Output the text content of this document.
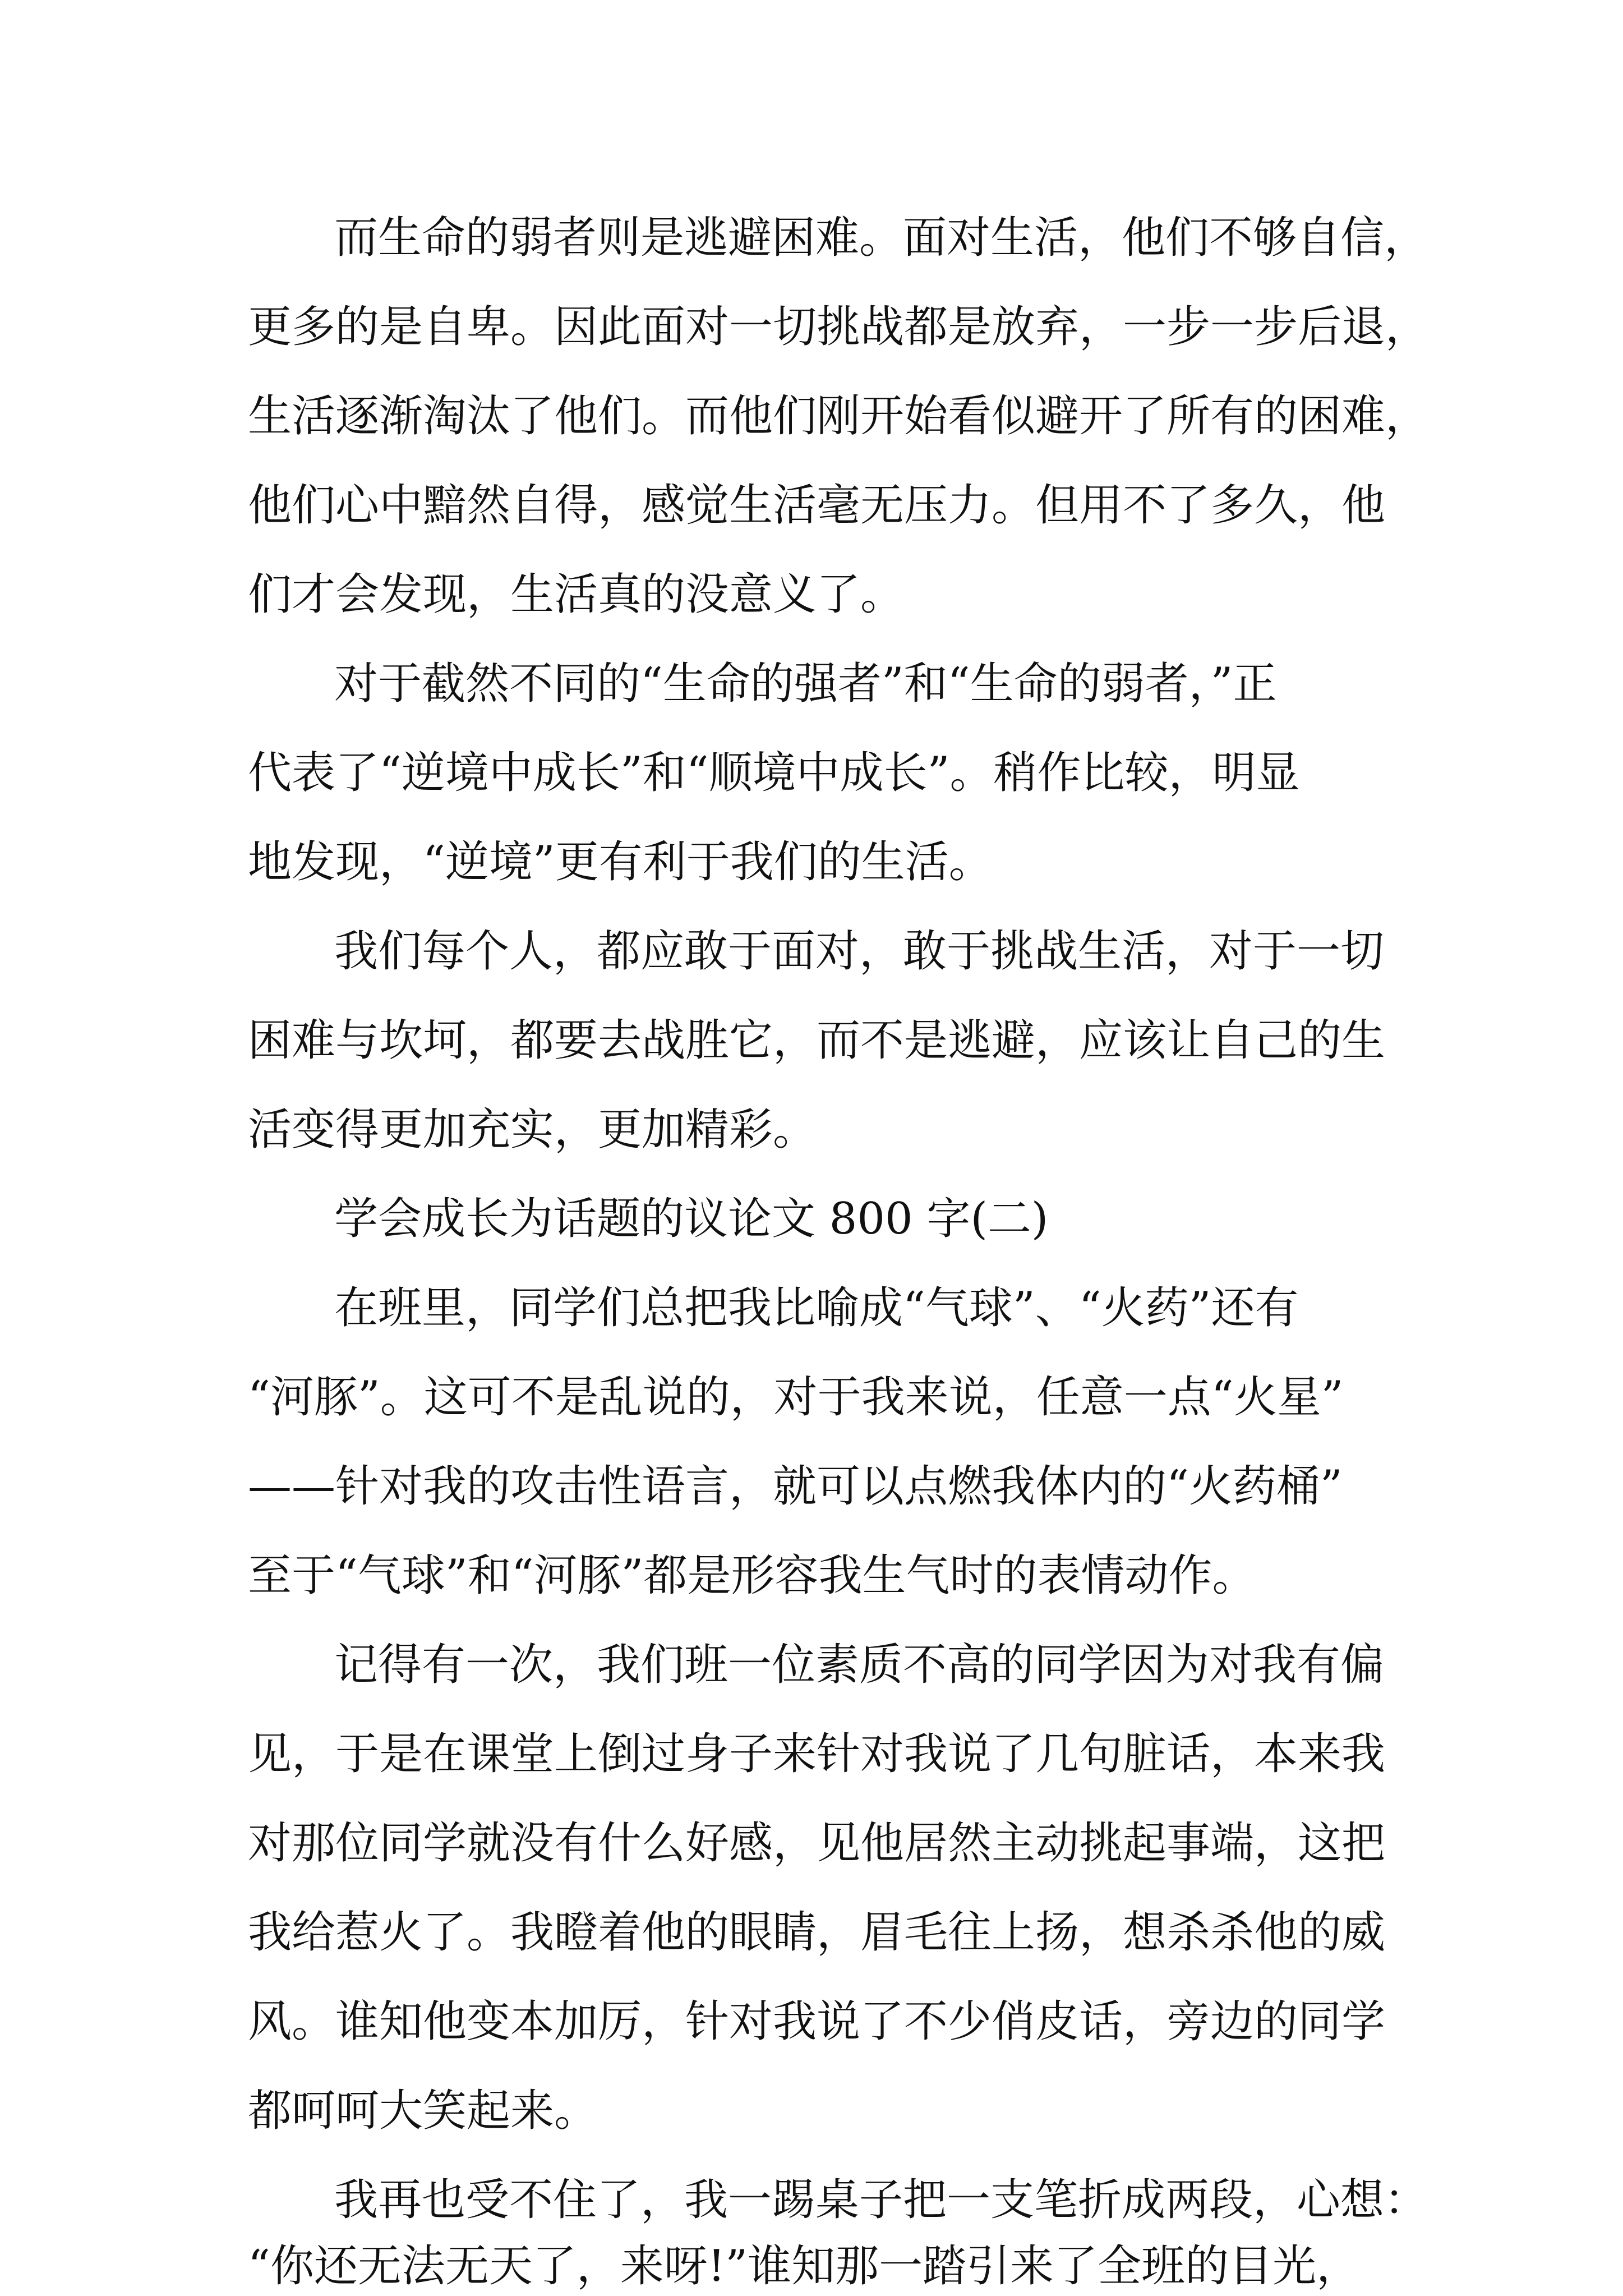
而生命的弱者则是逃避困难。面对生活，他们不够自信，
更多的是自卑。因此面对一切挑战都是放弃，一步一步后退，
生活逐渐淘汰了他们。而他们刚开始看似避开了所有的困难，
他们心中黯然自得，感觉生活毫无压力。但用不了多久，他
们才会发现，生活真的没意义了。
对于截然不同的“生命的强者”和“生命的弱者，”正
代表了“逆境中成长”和“顺境中成长”。稍作比较，明显
地发现，“逆境”更有利于我们的生活。
我们每个人，都应敢于面对，敢于挑战生活，对于一切
困难与坎坷，都要去战胜它，而不是逃避，应该让自己的生
活变得更加充实，更加精彩。
学会成长为话题的议论文 800 字(二)
在班里，同学们总把我比喻成“气球”、“火药”还有
“河豚”。这可不是乱说的，对于我来说，任意一点“火星”
——针对我的攻击性语言，就可以点燃我体内的“火药桶”
至于“气球”和“河豚”都是形容我生气时的表情动作。
记得有一次，我们班一位素质不高的同学因为对我有偏
见，于是在课堂上倒过身子来针对我说了几句脏话，本来我
对那位同学就没有什么好感，见他居然主动挑起事端，这把
我给惹火了。我瞪着他的眼睛，眉毛往上扬，想杀杀他的威
风。谁知他变本加厉，针对我说了不少俏皮话，旁边的同学
都呵呵大笑起来。
我再也受不住了，我一踢桌子把一支笔折成两段，心想：
“你还无法无天了，来呀!”谁知那一踏引来了全班的目光，
